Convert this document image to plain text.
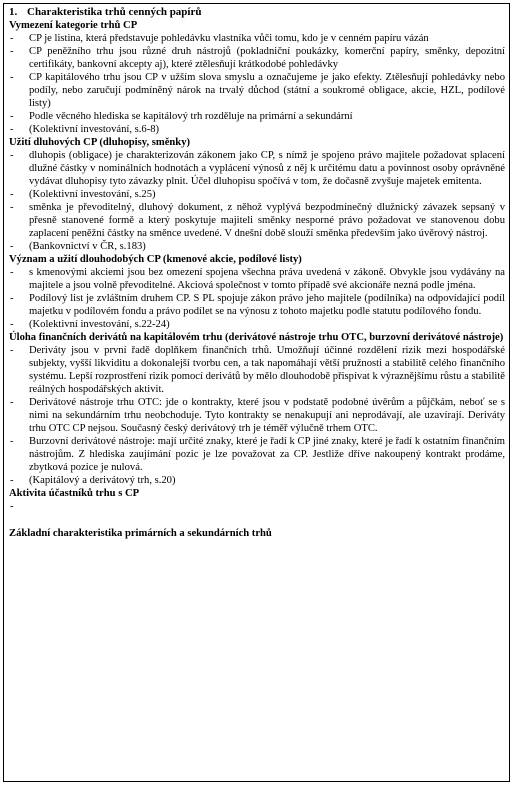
1. Charakteristika trhů cenných papírů

Vymezení kategorie trhů CP

- CP je listina, která představuje pohledávku vlastníka vůči tomu, kdo je v cenném papíru vázán
- CP peněžního trhu jsou různé druh nástrojů (pokladniční poukázky, komerční papíry, směnky, depozitní certifikáty, bankovní akcepty aj), které ztělesňují krátkodobé pohledávky
- CP kapitálového trhu jsou CP v užším slova smyslu a označujeme je jako efekty. Ztělesňují pohledávky nebo podíly, nebo zaručují podmíněný nárok na trvalý důchod (státní a soukromé obligace, akcie, HZL, podílové listy)
- Podle věcného hlediska se kapitálový trh rozděluje na primární a sekundární
- (Kolektivní investování, s.6-8)

Užití dluhových CP (dluhopisy, směnky)

- dluhopis (obligace) je charakterizován zákonem jako CP, s nímž je spojeno právo majitele požadovat splacení dlužné částky v nominálních hodnotách a vyplácení výnosů z něj k určitému datu a povinnost osoby oprávněné vydávat dluhopisy tyto závazky plnit. Účel dluhopisu spočívá v tom, že dočasně zvyšuje majetek emitenta.
- (Kolektivní investování, s.25)
- směnka je převoditelný, dluhový dokument, z něhož vyplývá bezpodmínečný dlužnický závazek sepsaný v přesně stanovené formě a který poskytuje majiteli směnky nesporné právo požadovat ve stanovenou dobu zaplacení peněžní částky na směnce uvedené. V dnešní době slouží směnka především jako úvěrový nástroj.
- (Bankovnictví v ČR, s.183)

Význam a užití dlouhodobých CP (kmenové akcie, podílové listy)

- s kmenovými akciemi jsou bez omezení spojena všechna práva uvedená v zákoně. Obvykle jsou vydávány na majitele a jsou volně převoditelné. Akciová společnost v tomto případě své akcionáře nezná podle jména.
- Podílový list je zvláštním druhem CP. S PL spojuje zákon právo jeho majitele (podílníka) na odpovídající podíl majetku v podílovém fondu a právo podílet se na výnosu z tohoto majetku podle statutu podílového fondu.
- (Kolektivní investování, s.22-24)

Úloha finančních derivátů na kapitálovém trhu (derivátové nástroje trhu OTC, burzovní derivátové nástroje)

- Deriváty jsou v první řadě doplňkem finančních trhů. Umožňují účinné rozdělení rizik mezi hospodářské subjekty, vyšší likviditu a dokonalejší tvorbu cen, a tak napomáhají větší pružnosti a stabilitě celého finančního systému. Lepší rozprostření rizik pomocí derivátů by mělo dlouhodobě přispívat k výraznějšímu růstu a stabilitě reálných hospodářských aktivit.
- Derivátové nástroje trhu OTC: jde o kontrakty, které jsou v podstatě podobné úvěrům a půjčkám, neboť se s nimi na sekundárním trhu neobchoduje. Tyto kontrakty se nenakupují ani neprodávají, ale uzavírají. Deriváty trhu OTC CP nejsou. Současný český derivátový trh je téměř výlučně trhem OTC.
- Burzovní derivátové nástroje: mají určité znaky, které je řadí k CP jiné znaky, které je řadí k ostatním finančním nástrojům. Z hlediska zaujímání pozic je lze považovat za CP. Jestliže dříve nakoupený kontrakt prodáme, zbytková pozice je nulová.
- (Kapitálový a derivátový trh, s.20)

Aktivita účastníků trhu s CP

-

Základní charakteristika primárních a sekundárních trhů
